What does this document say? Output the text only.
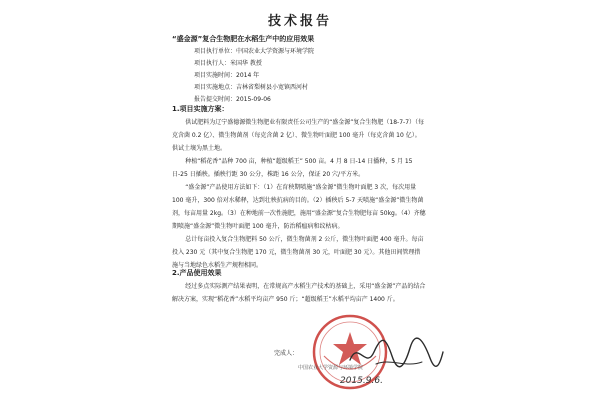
技术报告
“盛金源”复合生物肥在水稻生产中的应用效果
项目执行单位：中国农业大学资源与环境学院
项目执行人：米国华 教授
项目实施时间：2014 年
项目实施地点：吉林省梨树县小宽镇西河村
报告提交时间：2015-09-06
1.项目实施方案：

供试肥料为辽宁盛德源微生物肥业有限责任公司生产的“盛金源”复合生物肥（18-7-7）（每克含菌 0.2 亿）、微生物菌剂（每克含菌 2 亿）、微生物叶面肥 100 毫升（每克含菌 10 亿）。供试土壤为黑土地。

种植“稻花香”品种 700 亩，种植“超级稻王” 500 亩。4 月 8 日-14 日播种，5 月 15 日-25 日插秧。插秧行距 30 公分，株距 16 公分，保证 20 穴/平方米。

“盛金源”产品使用方法如下：（1）在育秧期喷施“盛金源”微生物叶面肥 3 次，每次用量 100 毫升，300 倍对水稀释，达到壮秧抗病的目的。（2）插秧后 5-7 天喷施“盛金源”微生物菌剂，每亩用量 2kg。（3）在种地前一次性施肥，施用“盛金源”复合生物肥每亩 50kg。（4）齐穗期喷施“盛金源”微生物叶面肥 100 毫升，防治稻瘟病和纹枯病。

总计每亩投入复合生物肥料 50 公斤，微生物菌剂 2 公斤，微生物叶面肥 400 毫升。每亩投入 230 元（其中复合生物肥 170 元，微生物菌剂 30 元，叶面肥 30 元）。其他田间管理措施与当地绿色水稻生产规程相同。

2.产品使用效果

经过多点实际测产结果表明，在常规高产水稻生产技术的基础上，采用“盛金源”产品的结合解决方案，实现“稻花香”水稻平均亩产 950 斤；“超级稻王”水稻平均亩产 1400 斤。

完成人：
中国农业大学资源与环境学院
2015.9.6.
